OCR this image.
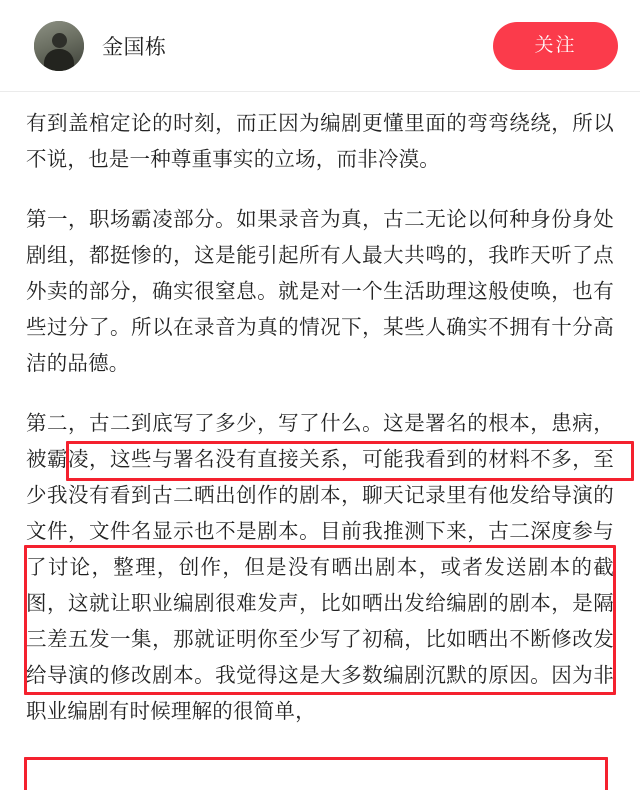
金国栋	关注

有到盖棺定论的时刻，而正因为编剧更懂里面的弯弯绕绕，所以不说，也是一种尊重事实的立场，而非冷漠。

第一，职场霸凌部分。如果录音为真，古二无论以何种身份身处剧组，都挺惨的，这是能引起所有人最大共鸣的，我昨天听了点外卖的部分，确实很窒息。就是对一个生活助理这般使唤，也有些过分了。所以在录音为真的情况下，某些人确实不拥有十分高洁的品德。

第二，古二到底写了多少，写了什么。这是署名的根本，患病，被霸凌，这些与署名没有直接关系，可能我看到的材料不多，至少我没有看到古二晒出创作的剧本，聊天记录里有他发给导演的文件，文件名显示也不是剧本。目前我推测下来，古二深度参与了讨论，整理，创作，但是没有晒出剧本，或者发送剧本的截图，这就让职业编剧很难发声，比如晒出发给编剧的剧本，是隔三差五发一集，那就证明你至少写了初稿，比如晒出不断修改发给导演的修改剧本。我觉得这是大多数编剧沉默的原因。因为非职业编剧有时候理解的很简单，
